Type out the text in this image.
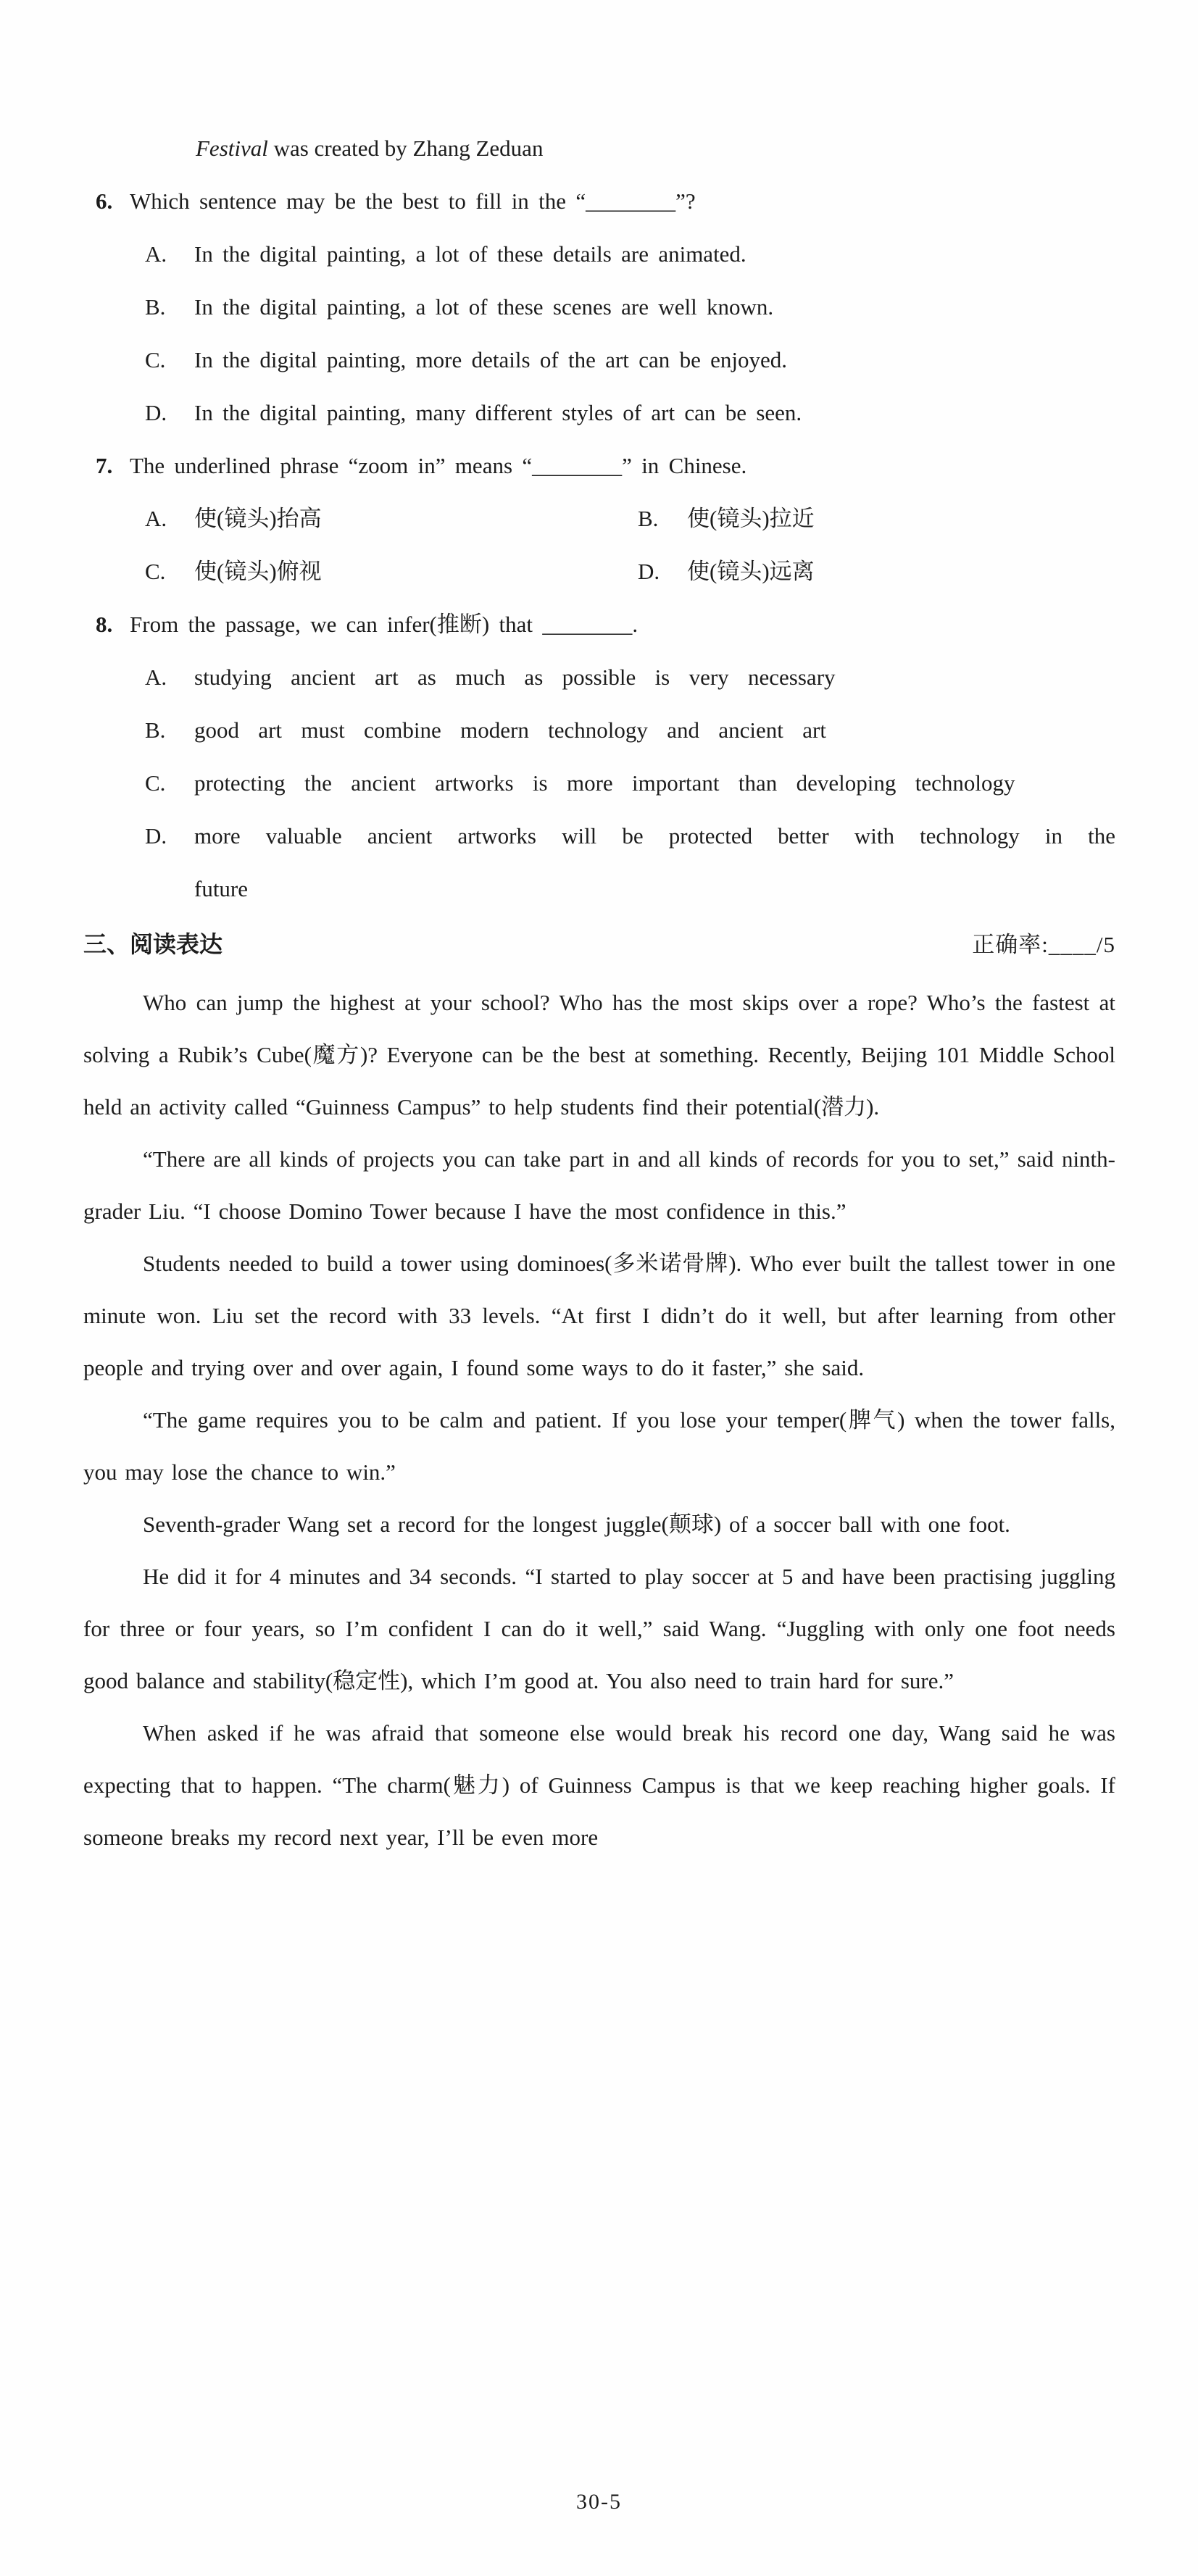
Festival was created by Zhang Zeduan
6. Which sentence may be the best to fill in the “________”?
A. In the digital painting, a lot of these details are animated.
B. In the digital painting, a lot of these scenes are well known.
C. In the digital painting, more details of the art can be enjoyed.
D. In the digital painting, many different styles of art can be seen.
7. The underlined phrase “zoom in” means “________” in Chinese.
A. 使(镜头)抬高	B. 使(镜头)拉近
C. 使(镜头)俯视	D. 使(镜头)远离
8. From the passage, we can infer(推断) that ________.
A. studying ancient art as much as possible is very necessary
B. good art must combine modern technology and ancient art
C. protecting the ancient artworks is more important than developing technology
D. more valuable ancient artworks will be protected better with technology in the future
三、阅读表达	正确率:____/5

Who can jump the highest at your school? Who has the most skips over a rope? Who’s the fastest at solving a Rubik’s Cube(魔方)? Everyone can be the best at something. Recently, Beijing 101 Middle School held an activity called “Guinness Campus” to help students find their potential(潜力).

“There are all kinds of projects you can take part in and all kinds of records for you to set,” said ninth-grader Liu. “I choose Domino Tower because I have the most confidence in this.”

Students needed to build a tower using dominoes(多米诺骨牌). Who ever built the tallest tower in one minute won. Liu set the record with 33 levels. “At first I didn’t do it well, but after learning from other people and trying over and over again, I found some ways to do it faster,” she said.

“The game requires you to be calm and patient. If you lose your temper(脾气) when the tower falls, you may lose the chance to win.”

Seventh-grader Wang set a record for the longest juggle(颠球) of a soccer ball with one foot.

He did it for 4 minutes and 34 seconds. “I started to play soccer at 5 and have been practising juggling for three or four years, so I’m confident I can do it well,” said Wang. “Juggling with only one foot needs good balance and stability(稳定性), which I’m good at. You also need to train hard for sure.”

When asked if he was afraid that someone else would break his record one day, Wang said he was expecting that to happen. “The charm(魅力) of Guinness Campus is that we keep reaching higher goals. If someone breaks my record next year, I’ll be even more

30-5
